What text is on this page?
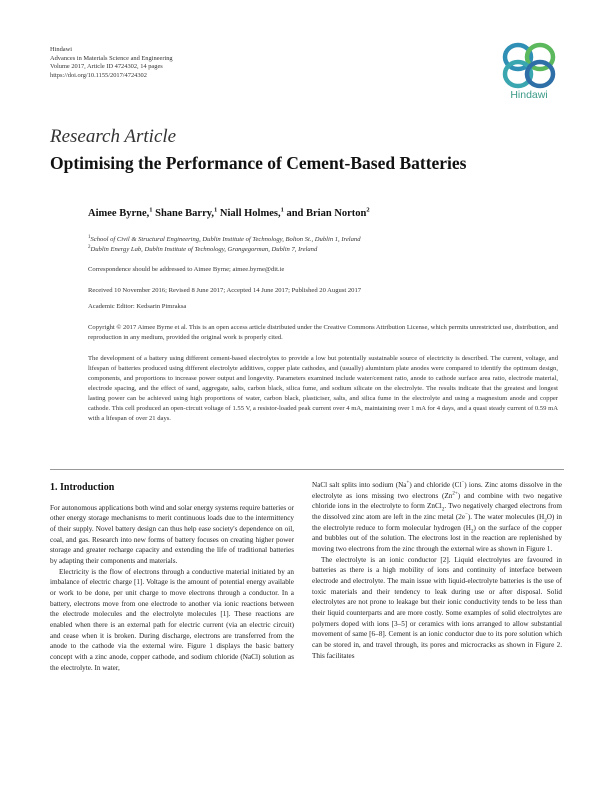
Hindawi
Advances in Materials Science and Engineering
Volume 2017, Article ID 4724302, 14 pages
https://doi.org/10.1155/2017/4724302
Hindawi
Research Article
Optimising the Performance of Cement-Based Batteries
Aimee Byrne,$^1$ Shane Barry,$^1$ Niall Holmes,$^1$ and Brian Norton$^2$
$^1$School of Civil & Structural Engineering, Dublin Institute of Technology, Bolton St., Dublin 1, Ireland
$^2$Dublin Energy Lab, Dublin Institute of Technology, Grangegorman, Dublin 7, Ireland
Correspondence should be addressed to Aimee Byrne; aimee.byrne@dit.ie
Received 10 November 2016; Revised 8 June 2017; Accepted 14 June 2017; Published 20 August 2017
Academic Editor: Kedsarin Pimraksa
Copyright © 2017 Aimee Byrne et al. This is an open access article distributed under the Creative Commons Attribution License, which permits unrestricted use, distribution, and reproduction in any medium, provided the original work is properly cited.
The development of a battery using different cement-based electrolytes to provide a low but potentially sustainable source of electricity is described. The current, voltage, and lifespan of batteries produced using different electrolyte additives, copper plate cathodes, and (usually) aluminium plate anodes were compared to identify the optimum design, components, and proportions to increase power output and longevity. Parameters examined include water/cement ratio, anode to cathode surface area ratio, electrode material, electrode spacing, and the effect of sand, aggregate, salts, carbon black, silica fume, and sodium silicate on the electrolyte. The results indicate that the greatest and longest lasting power can be achieved using high proportions of water, carbon black, plasticiser, salts, and silica fume in the electrolyte and using a magnesium anode and copper cathode. This cell produced an open-circuit voltage of 1.55 V, a resistor-loaded peak current over 4 mA, maintaining over 1 mA for 4 days, and a quasi steady current of 0.59 mA with a lifespan of over 21 days.
1. Introduction

For autonomous applications both wind and solar energy systems require batteries or other energy storage mechanisms to merit continuous loads due to the intermittency of their supply. Novel battery design can thus help ease society's dependence on oil, coal, and gas. Research into new forms of battery focuses on creating higher power storage and greater recharge capacity and extending the life of traditional batteries by adapting their components and materials.

Electricity is the flow of electrons through a conductive material initiated by an imbalance of electric charge [1]. Voltage is the amount of potential energy available or work to be done, per unit charge to move electrons through a conductor. In a battery, electrons move from one electrode to another via ionic reactions between the electrode molecules and the electrolyte molecules [1]. These reactions are enabled when there is an external path for electric current (via an electric circuit) and cease when it is broken. During discharge, electrons are transferred from the anode to the cathode via the external wire. Figure 1 displays the basic battery concept with a zinc anode, copper cathode, and sodium chloride (NaCl) solution as the electrolyte. In water,

NaCl salt splits into sodium (Na+) and chloride (Cl−) ions. Zinc atoms dissolve in the electrolyte as ions missing two electrons $(Zn^{2+})$ and combine with two negative chloride ions in the electrolyte to form ZnCl$_2$. Two negatively charged electrons from the dissolved zinc atom are left in the zinc metal (2e−). The water molecules $(H_2O)$ in the electrolyte reduce to form molecular hydrogen $(H_2)$ on the surface of the copper and bubbles out of the solution. The electrons lost in the reaction are replenished by moving two electrons from the zinc through the external wire as shown in Figure 1.

The electrolyte is an ionic conductor [2]. Liquid electrolytes are favoured in batteries as there is a high mobility of ions and continuity of interface between electrode and electrolyte. The main issue with liquid-electrolyte batteries is the use of toxic materials and their tendency to leak during use or after disposal. Solid electrolytes are not prone to leakage but their ionic conductivity tends to be less than their liquid counterparts and are more costly. Some examples of solid electrolytes are polymers doped with ions [3–5] or ceramics with ions arranged to allow substantial movement of same [6–8]. Cement is an ionic conductor due to its pore solution which can be stored in, and travel through, its pores and microcracks as shown in Figure 2. This facilitates
